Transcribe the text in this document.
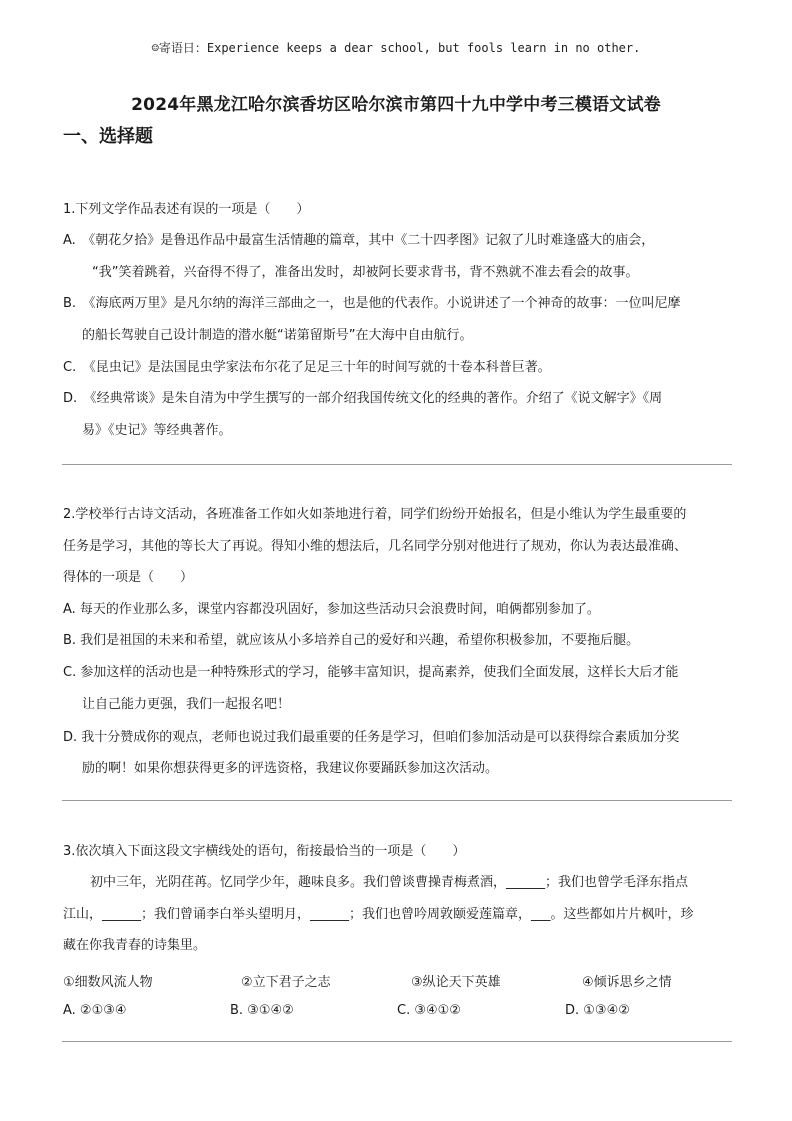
☺寄语日：Experience keeps a dear school, but fools learn in no other.
2024年黑龙江哈尔滨香坊区哈尔滨市第四十九中学中考三模语文试卷
一、选择题
1.下列文学作品表述有误的一项是（　　）
A.　《朝花夕拾》是鲁迅作品中最富生活情趣的篇章，其中《二十四孝图》记叙了儿时难逢盛大的庙会，
“我”笑着跳着，兴奋得不得了，准备出发时，却被阿长要求背书，背不熟就不准去看会的故事。
B.　《海底两万里》是凡尔纳的海洋三部曲之一，也是他的代表作。小说讲述了一个神奇的故事：一位叫尼摩
的船长驾驶自己设计制造的潜水艇“诺第留斯号”在大海中自由航行。
C.　《昆虫记》是法国昆虫学家法布尔花了足足三十年的时间写就的十卷本科普巨著。
D.　《经典常谈》是朱自清为中学生撰写的一部介绍我国传统文化的经典的著作。介绍了《说文解字》《周
易》《史记》等经典著作。
2.学校举行古诗文活动，各班准备工作如火如荼地进行着，同学们纷纷开始报名，但是小维认为学生最重要的
任务是学习，其他的等长大了再说。得知小维的想法后，几名同学分别对他进行了规劝，你认为表达最准确、
得体的一项是（　　）
A. 每天的作业那么多，课堂内容都没巩固好，参加这些活动只会浪费时间，咱俩都别参加了。
B. 我们是祖国的未来和希望，就应该从小多培养自己的爱好和兴趣，希望你积极参加，不要拖后腿。
C. 参加这样的活动也是一种特殊形式的学习，能够丰富知识，提高素养，使我们全面发展，这样长大后才能
让自己能力更强，我们一起报名吧！
D. 我十分赞成你的观点，老师也说过我们最重要的任务是学习，但咱们参加活动是可以获得综合素质加分奖
励的啊！如果你想获得更多的评选资格，我建议你要踊跃参加这次活动。
3.依次填入下面这段文字横线处的语句，衔接最恰当的一项是（　　）
初中三年，光阴荏苒。忆同学少年，趣味良多。我们曾谈曹操青梅煮酒，______；我们也曾学毛泽东指点
江山，______；我们曾诵李白举头望明月，______；我们也曾吟周敦颐爱莲篇章，___。这些都如片片枫叶，珍
藏在你我青春的诗集里。
①细数风流人物	②立下君子之志	③纵论天下英雄	④倾诉思乡之情
A. ②①③④	B. ③①④②	C. ③④①②	D. ①③④②
